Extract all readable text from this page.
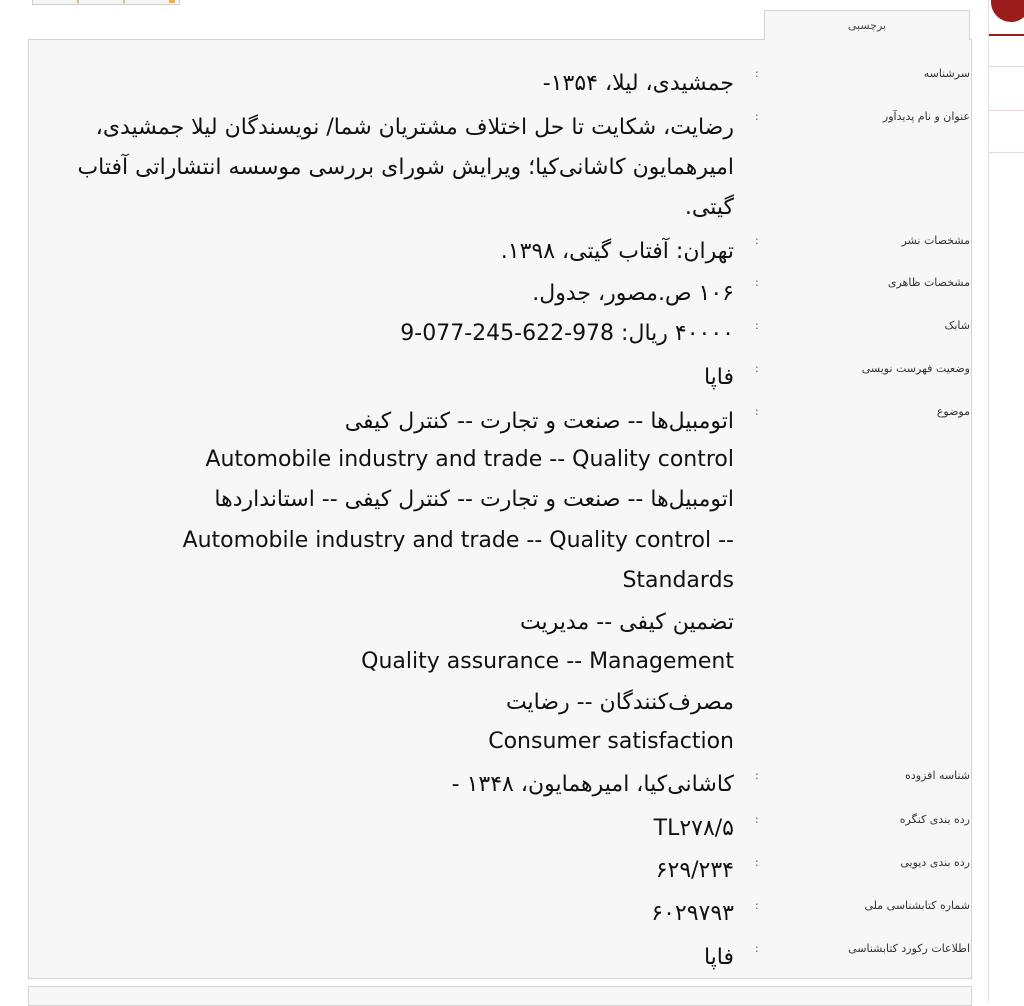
برچسبی
سرشناسه
عنوان و نام پدیدآور
مشخصات نشر
مشخصات ظاهری
شابک
وضعیت فهرست نویسی
موضوع
شناسه افزوده
رده بندی کنگره
رده بندی دیویی
شماره کتابشناسی ملی
اطلاعات رکورد کتابشناسی
:
:
:
:
:
:
:
:
:
:
:
:
جمشیدی، لیلا، ۱۳۵۴-
رضایت، شکایت تا حل اختلاف مشتریان شما/ نویسندگان لیلا جمشیدی، امیرهمایون کاشانی‌کیا؛ ویرایش شورای بررسی موسسه انتشاراتی آفتاب گیتی.
تهران: آفتاب گیتی، ۱۳۹۸.
۱۰۶ ص.مصور، جدول.
۴۰۰۰۰ ریال: 978-622-245-077-9
فاپا
اتومبیل‌ها -- صنعت و تجارت -- کنترل کیفی
Automobile industry and trade -- Quality control
اتومبیل‌ها -- صنعت و تجارت -- کنترل کیفی -- استانداردها
Automobile industry and trade -- Quality control --
Standards
تضمین کیفی -- مدیریت
Quality assurance -- Management
مصرف‌کنندگان -- رضایت
Consumer satisfaction
کاشانی‌کیا، امیرهمایون، ۱۳۴۸ -
TL۲۷۸/۵
۶۲۹/۲۳۴
۶۰۲۹۷۹۳
فاپا
